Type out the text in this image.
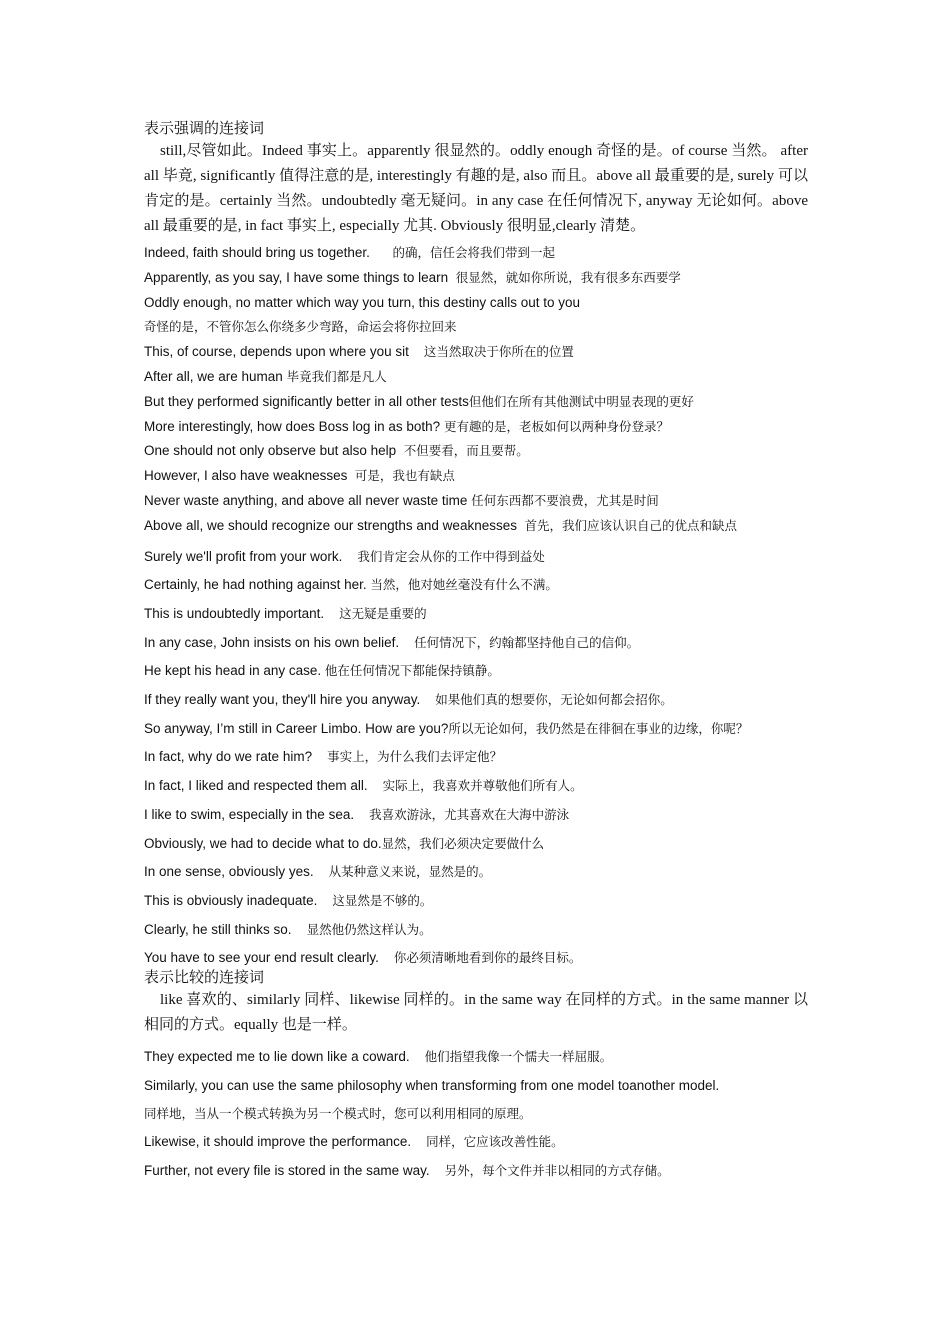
表示强调的连接词

still,尽管如此。Indeed 事实上。apparently 很显然的。oddly enough 奇怪的是。of course 当然。 after all 毕竟, significantly 值得注意的是, interestingly 有趣的是, also 而且。above all 最重要的是, surely 可以肯定的是。certainly 当然。undoubtedly 毫无疑问。in any case 在任何情况下, anyway 无论如何。above all 最重要的是, in fact 事实上, especially 尤其. Obviously 很明显,clearly 清楚。

Indeed, faith should bring us together. 的确，信任会将我们带到一起

Apparently, as you say, I have some things to learn 很显然，就如你所说，我有很多东西要学

Oddly enough, no matter which way you turn, this destiny calls out to you

奇怪的是，不管你怎么你绕多少弯路，命运会将你拉回来

This, of course, depends upon where you sit 这当然取决于你所在的位置

After all, we are human 毕竟我们都是凡人

But they performed significantly better in all other tests但他们在所有其他测试中明显表现的更好

More interestingly, how does Boss log in as both? 更有趣的是，老板如何以两种身份登录？

One should not only observe but also help 不但要看，而且要帮。

However, I also have weaknesses 可是，我也有缺点

Never waste anything, and above all never waste time 任何东西都不要浪费，尤其是时间

Above all, we should recognize our strengths and weaknesses 首先，我们应该认识自己的优点和缺点

Surely we'll profit from your work. 我们肯定会从你的工作中得到益处

Certainly, he had nothing against her. 当然，他对她丝毫没有什么不满。

This is undoubtedly important. 这无疑是重要的

In any case, John insists on his own belief. 任何情况下，约翰都坚持他自己的信仰。

He kept his head in any case. 他在任何情况下都能保持镇静。

If they really want you, they'll hire you anyway. 如果他们真的想要你，无论如何都会招你。

So anyway, I’m still in Career Limbo. How are you?所以无论如何，我仍然是在徘徊在事业的边缘，你呢？

In fact, why do we rate him? 事实上，为什么我们去评定他？

In fact, I liked and respected them all. 实际上，我喜欢并尊敬他们所有人。

I like to swim, especially in the sea. 我喜欢游泳，尤其喜欢在大海中游泳

Obviously, we had to decide what to do.显然，我们必须决定要做什么

In one sense, obviously yes. 从某种意义来说，显然是的。

This is obviously inadequate. 这显然是不够的。

Clearly, he still thinks so. 显然他仍然这样认为。

You have to see your end result clearly. 你必须清晰地看到你的最终目标。

表示比较的连接词

like 喜欢的、similarly 同样、likewise 同样的。in the same way 在同样的方式。in the same manner 以相同的方式。equally 也是一样。

They expected me to lie down like a coward. 他们指望我像一个懦夫一样屈服。

Similarly, you can use the same philosophy when transforming from one model toanother model.

同样地，当从一个模式转换为另一个模式时，您可以利用相同的原理。

Likewise, it should improve the performance. 同样，它应该改善性能。

Further, not every file is stored in the same way. 另外，每个文件并非以相同的方式存储。
